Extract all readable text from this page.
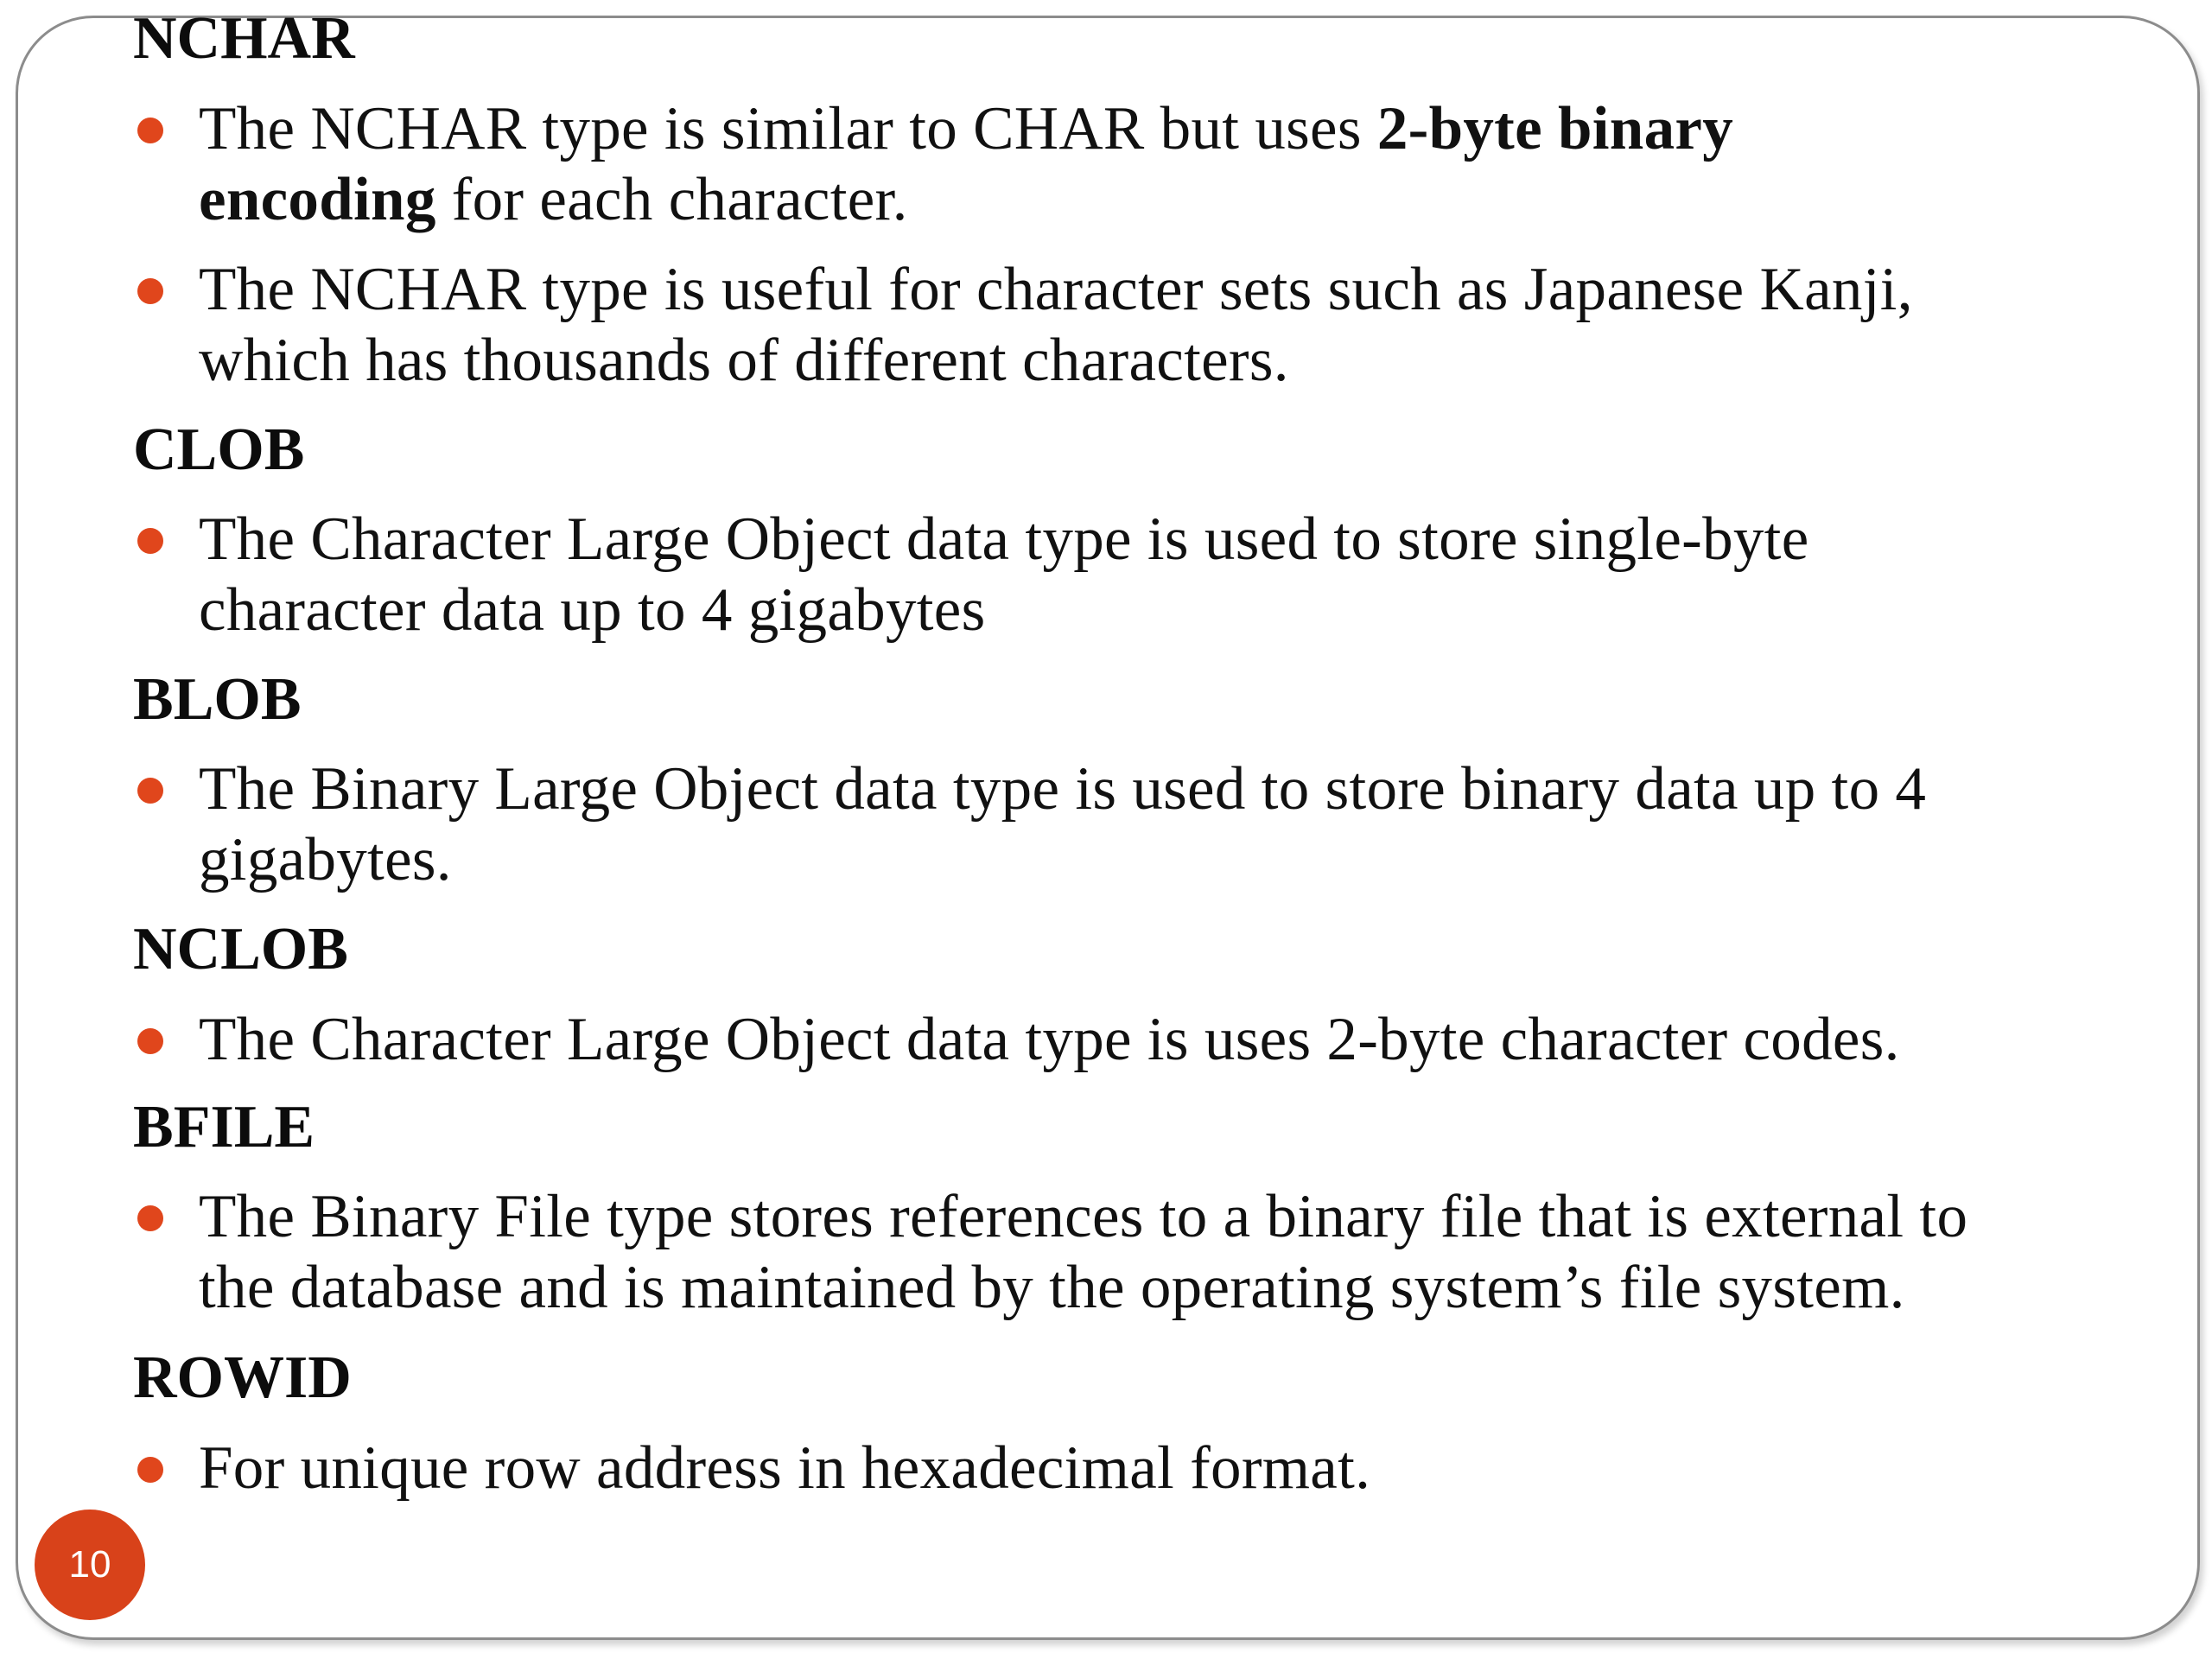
NCHAR
The NCHAR type is similar to CHAR but uses 2-byte binary
encoding for each character.
The NCHAR type is useful for character sets such as Japanese Kanji,
which has thousands of different characters.
CLOB
The Character Large Object data type is used to store single-byte
character data up to 4 gigabytes
BLOB
The Binary Large Object data type is used to store binary data up to 4
gigabytes.
NCLOB
The Character Large Object data type is uses 2-byte character codes.
BFILE
The Binary File type stores references to a binary file that is external to
the database and is maintained by the operating system’s file system.
ROWID
For unique row address in hexadecimal format.
10
